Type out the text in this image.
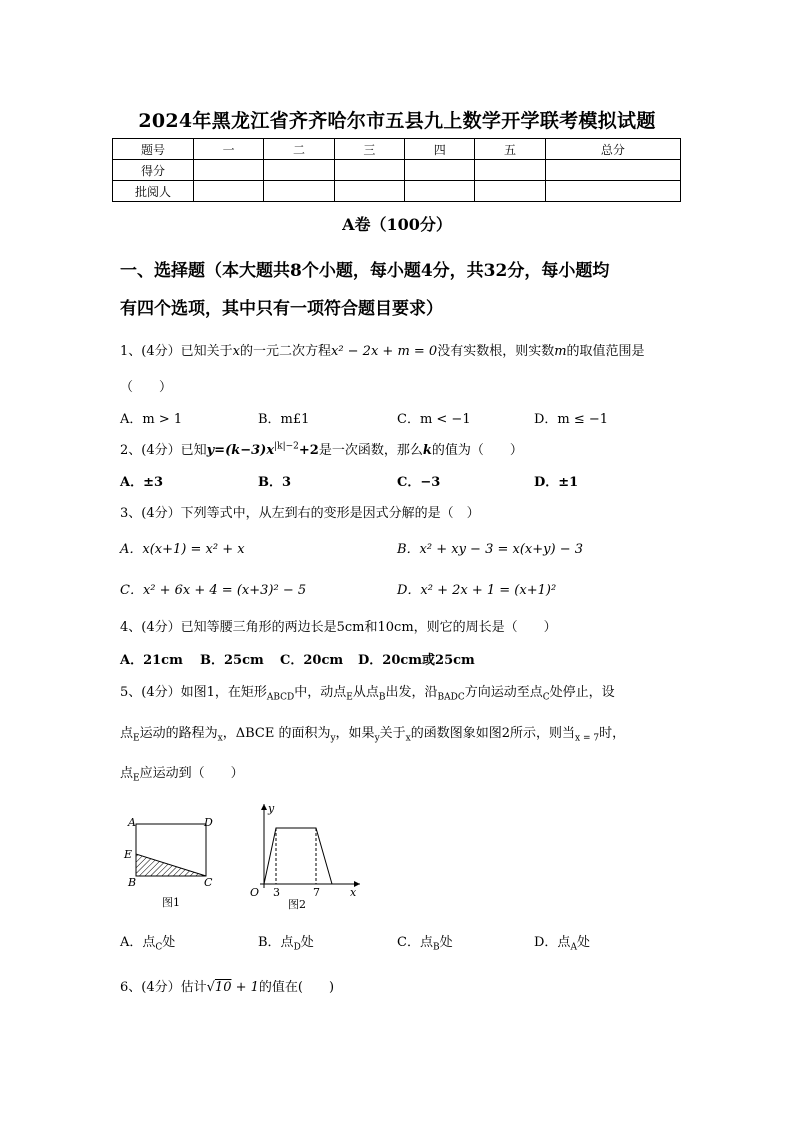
2024年黑龙江省齐齐哈尔市五县九上数学开学联考模拟试题
题号	一	二	三	四	五	总分
得分						
批阅人						
A卷（100分）
一、选择题（本大题共8个小题，每小题4分，共32分，每小题均
有四个选项，其中只有一项符合题目要求）
1、(4分）已知关于x的一元二次方程x² − 2x + m = 0没有实数根，则实数m的取值范围是
（　　）
A．m > 1	B．m£1	C．m < −1	D．m ≤ −1
2、(4分）已知$y=(k-3)x^{|k|-2}+2$是一次函数，那么k的值为（　　）
A．±3	B．3	C．−3	D．±1
3、(4分）下列等式中，从左到右的变形是因式分解的是（　）
A．x(x+1) = x² + x	B．x² + xy − 3 = x(x+y) − 3
C．x² + 6x + 4 = (x+3)² − 5	D．x² + 2x + 1 = (x+1)²
4、(4分）已知等腰三角形的两边长是5cm和10cm，则它的周长是（　　）
A．21cm B．25cm C．20cm D．20cm或25cm
5、(4分）如图1，在矩形$_{ABCD}$中，动点$_E$从点$_B$出发，沿$_{BADC}$方向运动至点$_C$处停止，设
点$_E$运动的路程为$_x$，ΔBCE 的面积为$_y$，如果$_y$关于$_x$的函数图象如图2所示，则当$_{x = 7}$时，
点$_E$应运动到（　　）
A	D
E
B	C
图1
y
O 3	7	x
图2
A．点$_C$处	B．点$_D$处	C．点$_B$处	D．点$_A$处
6、(4分）估计√10 + 1的值在(　　)
